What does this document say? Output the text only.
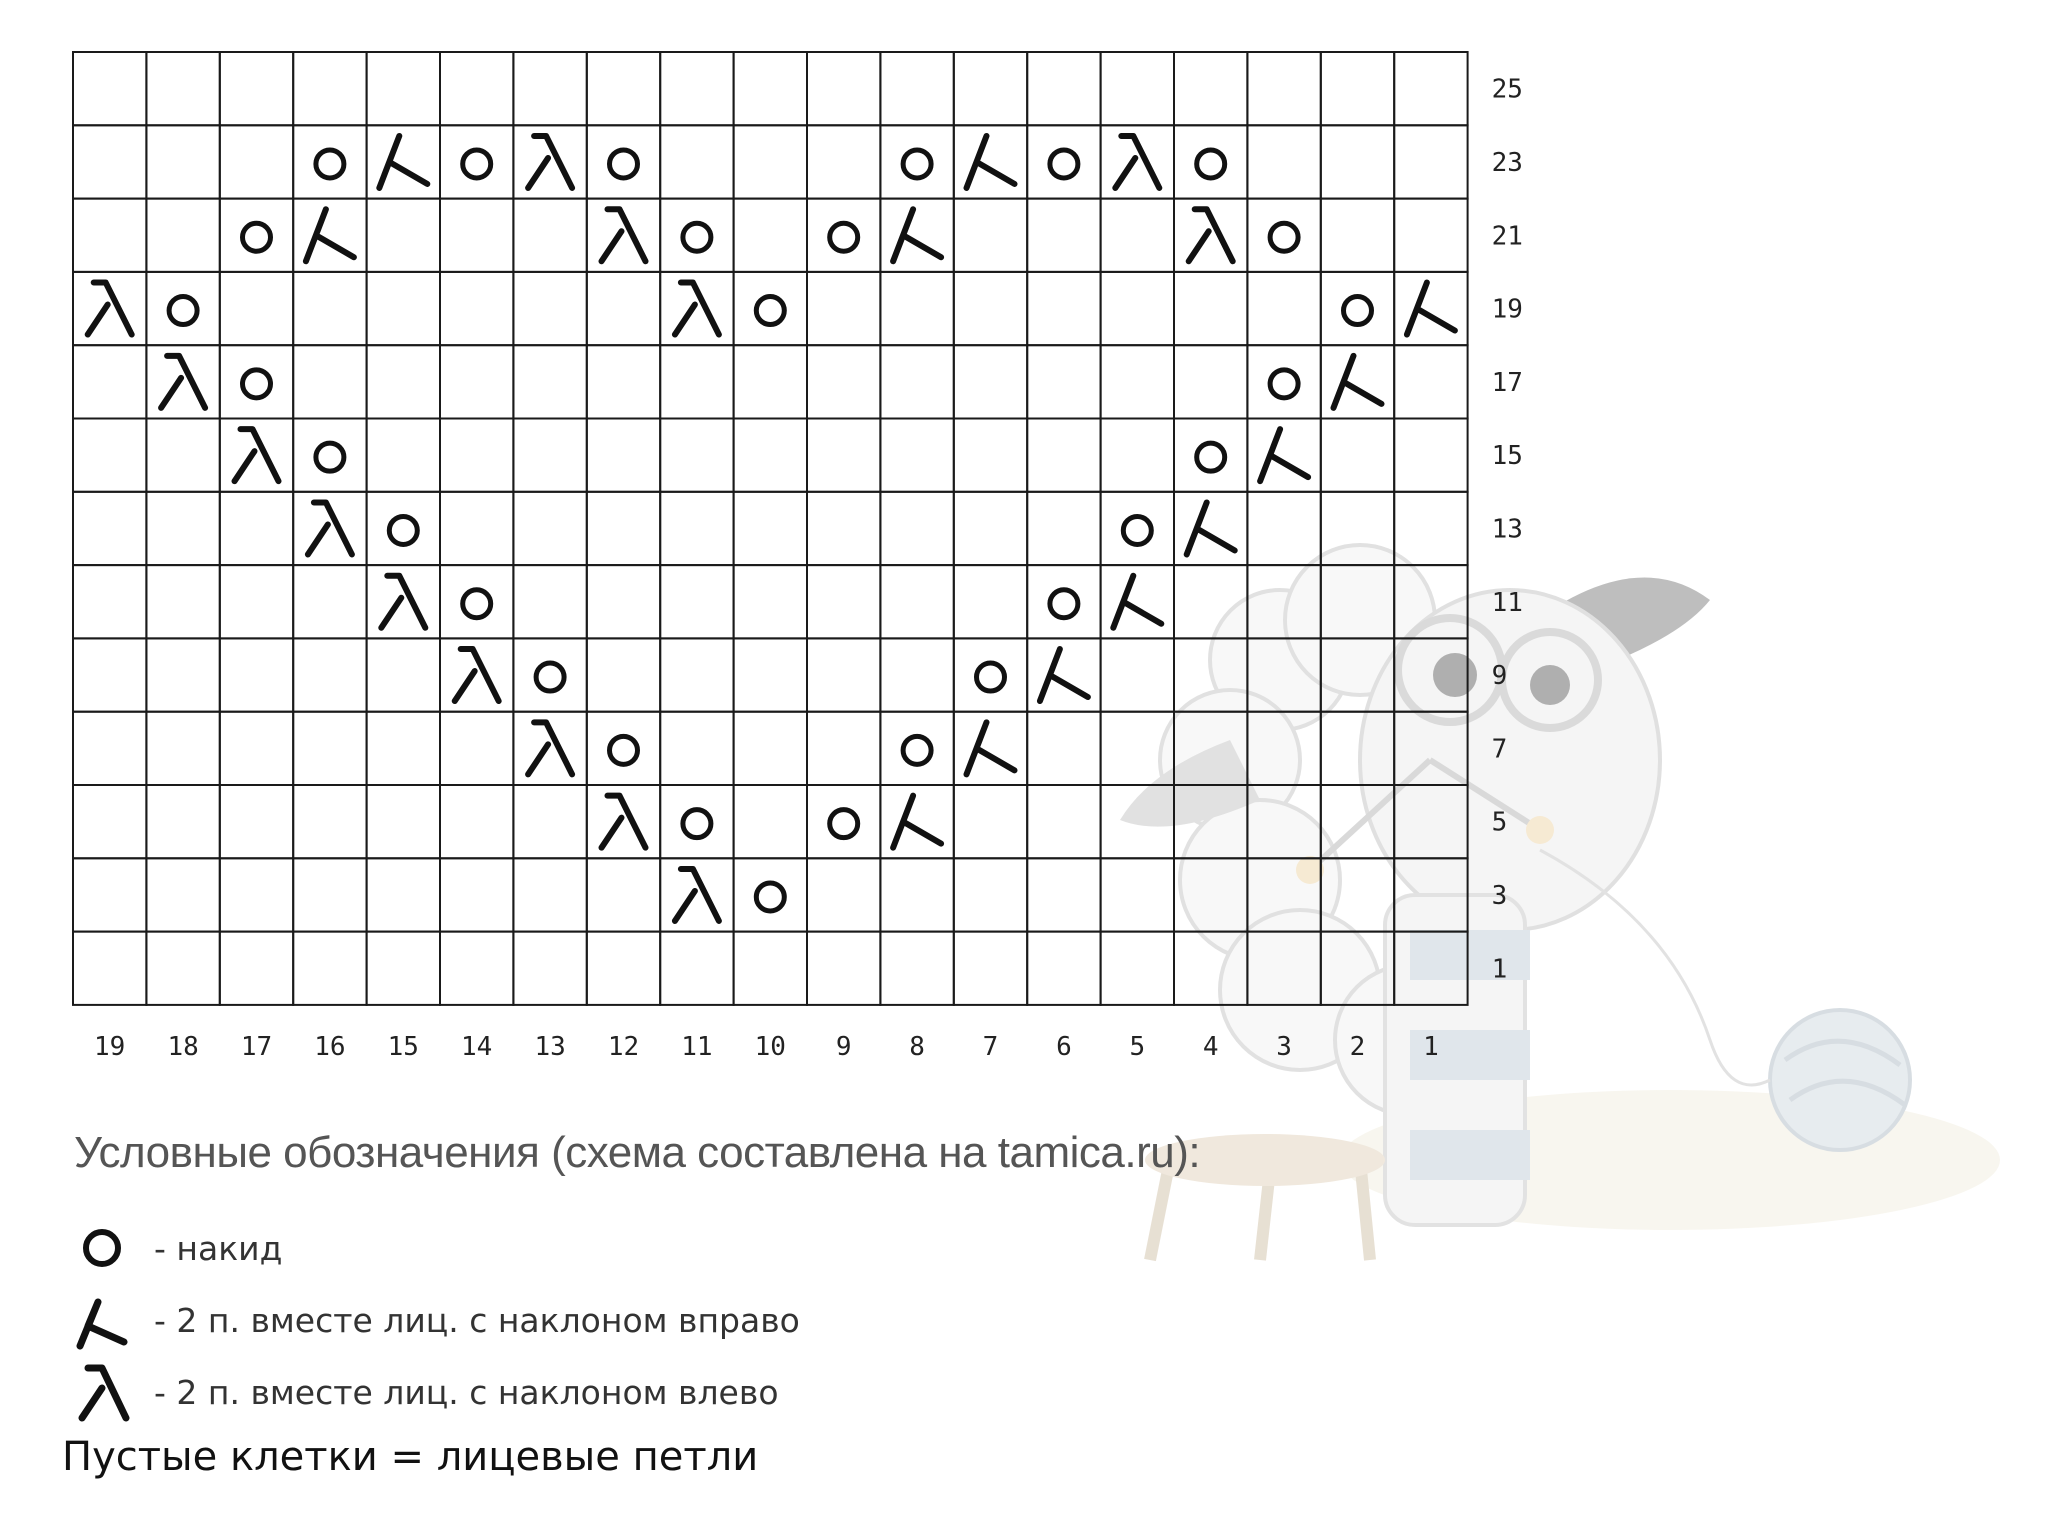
25
23
21
19
17
15
13
11
9
7
5
3
1
19 18 17 16 15 14 13 12 11 10 9 8 7 6 5 4 3 2 1
Условные обозначения (схема составлена на tamica.ru):
- накид
- 2 п. вместе лиц. с наклоном вправо
- 2 п. вместе лиц. с наклоном влево
Пустые клетки = лицевые петли
